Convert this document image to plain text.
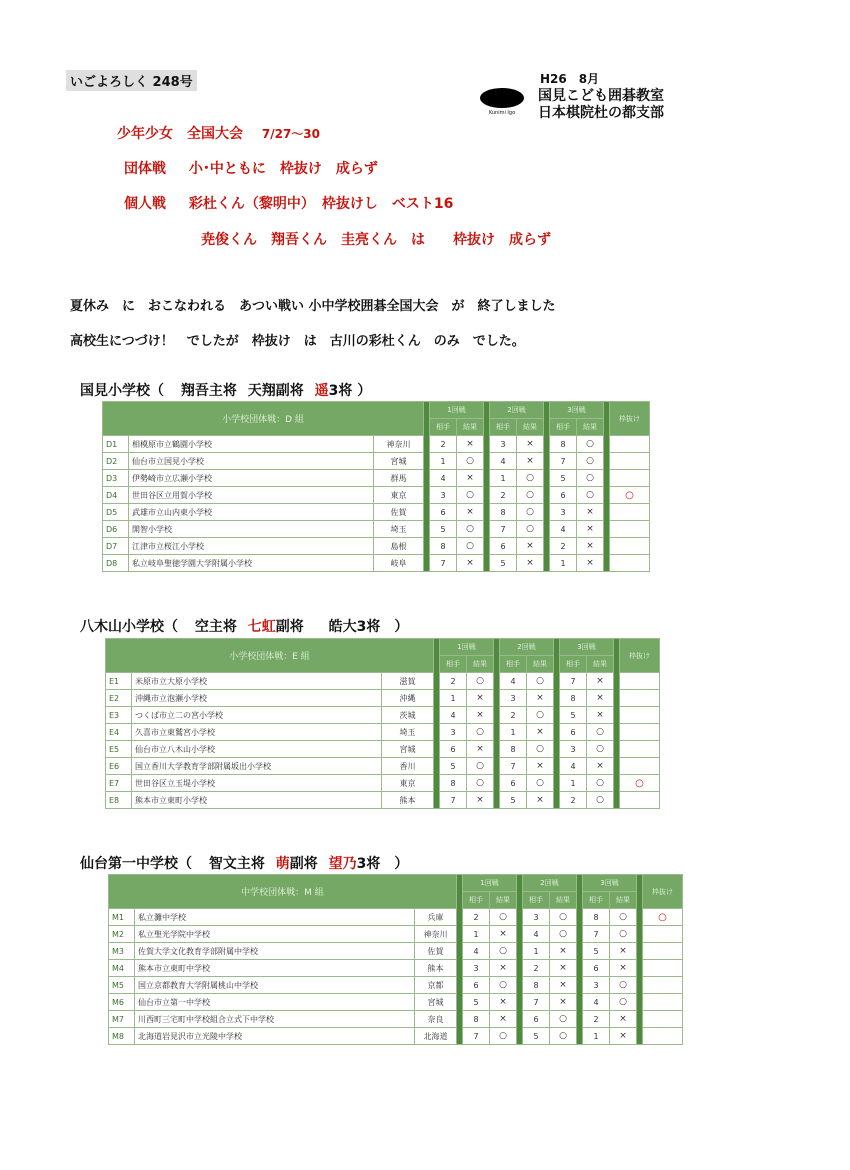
いごよろしく 248号
Kunimi Igo
H26　8月
国見こども囲碁教室
日本棋院杜の都支部
少年少女　全国大会 7/27〜30
団体戦 小･中ともに　枠抜け　成らず
個人戦 彩杜くん（黎明中）　枠抜けし　ベスト16
尭俊くん　翔吾くん　圭亮くん　は　　枠抜け　成らず
夏休み　に　おこなわれる　あつい戦い 小中学校囲碁全国大会　が　終了しました
高校生につづけ！　でしたが　枠抜け　は　古川の彩杜くん　のみ　でした。
国見小学校（ 翔吾主将 天翔副将 遥3将 ）
八木山小学校（ 空主将 七虹副将 皓大3将　）
仙台第一中学校（ 智文主将 萌副将 望乃3将　）
小学校団体戦：D 組				1回戦			2回戦			3回戦			枠抜け
				相手	結果		相手	結果		相手	結果		
D1	相模原市立鶴園小学校	神奈川		2	×		3	×		8	○		
D2	仙台市立国見小学校	宮城		1	○		4	×		7	○		
D3	伊勢崎市立広瀬小学校	群馬		4	×		1	○		5	○		
D4	世田谷区立用賀小学校	東京		3	○		2	○		6	○		○
D5	武雄市立山内東小学校	佐賀		6	×		8	○		3	×		
D6	開智小学校	埼玉		5	○		7	○		4	×		
D7	江津市立桜江小学校	島根		8	○		6	×		2	×		
D8	私立岐阜聖徳学園大学附属小学校	岐阜		7	×		5	×		1	×		
小学校団体戦：E 組				1回戦			2回戦			3回戦			枠抜け
				相手	結果		相手	結果		相手	結果		
E1	米原市立大原小学校	滋賀		2	○		4	○		7	×		
E2	沖縄市立泡瀬小学校	沖縄		1	×		3	×		8	×		
E3	つくば市立二の宮小学校	茨城		4	×		2	○		5	×		
E4	久喜市立東鷲宮小学校	埼玉		3	○		1	×		6	○		
E5	仙台市立八木山小学校	宮城		6	×		8	○		3	○		
E6	国立香川大学教育学部附属坂出小学校	香川		5	○		7	×		4	×		
E7	世田谷区立玉堤小学校	東京		8	○		6	○		1	○		○
E8	熊本市立東町小学校	熊本		7	×		5	×		2	○		
中学校団体戦：M 組				1回戦			2回戦			3回戦			枠抜け
				相手	結果		相手	結果		相手	結果		
M1	私立灘中学校	兵庫		2	○		3	○		8	○		○
M2	私立聖光学院中学校	神奈川		1	×		4	○		7	○		
M3	佐賀大学文化教育学部附属中学校	佐賀		4	○		1	×		5	×		
M4	熊本市立東町中学校	熊本		3	×		2	×		6	×		
M5	国立京都教育大学附属桃山中学校	京都		6	○		8	×		3	○		
M6	仙台市立第一中学校	宮城		5	×		7	×		4	○		
M7	川西町三宅町中学校組合立式下中学校	奈良		8	×		6	○		2	×		
M8	北海道岩見沢市立光陵中学校	北海道		7	○		5	○		1	×		
